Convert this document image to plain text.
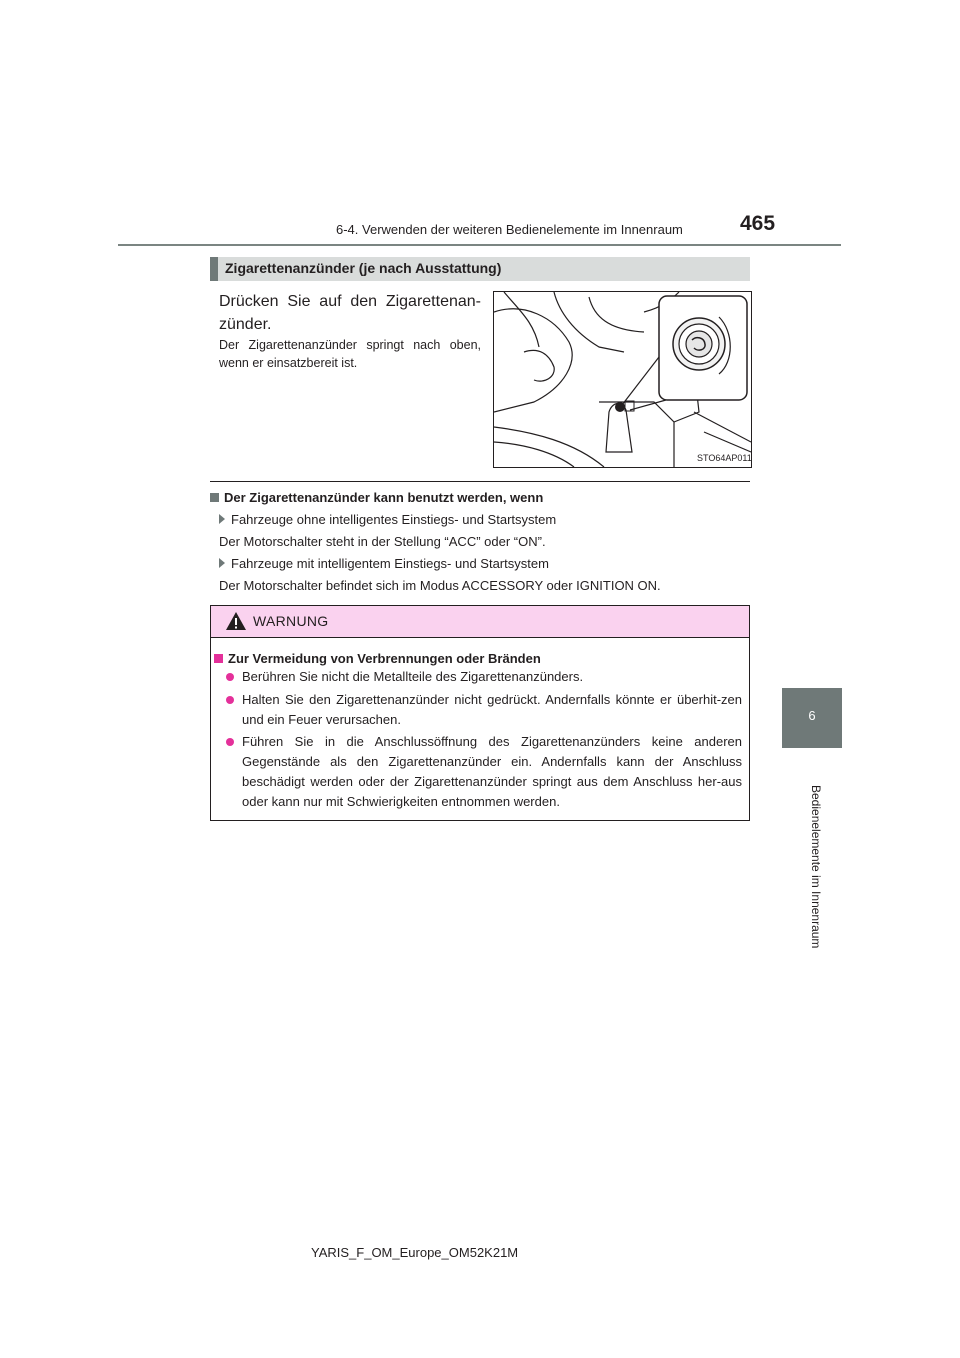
6-4. Verwenden der weiteren Bedienelemente im Innenraum	465
6
Bedienelemente im Innenraum
Zigarettenanzünder (je nach Ausstattung)
Drücken Sie auf den Zigarettenan-zünder.
Der Zigarettenanzünder springt nach oben, wenn er einsatzbereit ist.
STO64AP011
Der Zigarettenanzünder kann benutzt werden, wenn
Fahrzeuge ohne intelligentes Einstiegs- und Startsystem
Der Motorschalter steht in der Stellung “ACC” oder “ON”.
Fahrzeuge mit intelligentem Einstiegs- und Startsystem
Der Motorschalter befindet sich im Modus ACCESSORY oder IGNITION ON.
WARNUNG
Zur Vermeidung von Verbrennungen oder Bränden
Berühren Sie nicht die Metallteile des Zigarettenanzünders.
Halten Sie den Zigarettenanzünder nicht gedrückt. Andernfalls könnte er überhit-zen und ein Feuer verursachen.
Führen Sie in die Anschlussöffnung des Zigarettenanzünders keine anderen Gegenstände als den Zigarettenanzünder ein. Andernfalls kann der Anschluss beschädigt werden oder der Zigarettenanzünder springt aus dem Anschluss her-aus oder kann nur mit Schwierigkeiten entnommen werden.
YARIS_F_OM_Europe_OM52K21M
